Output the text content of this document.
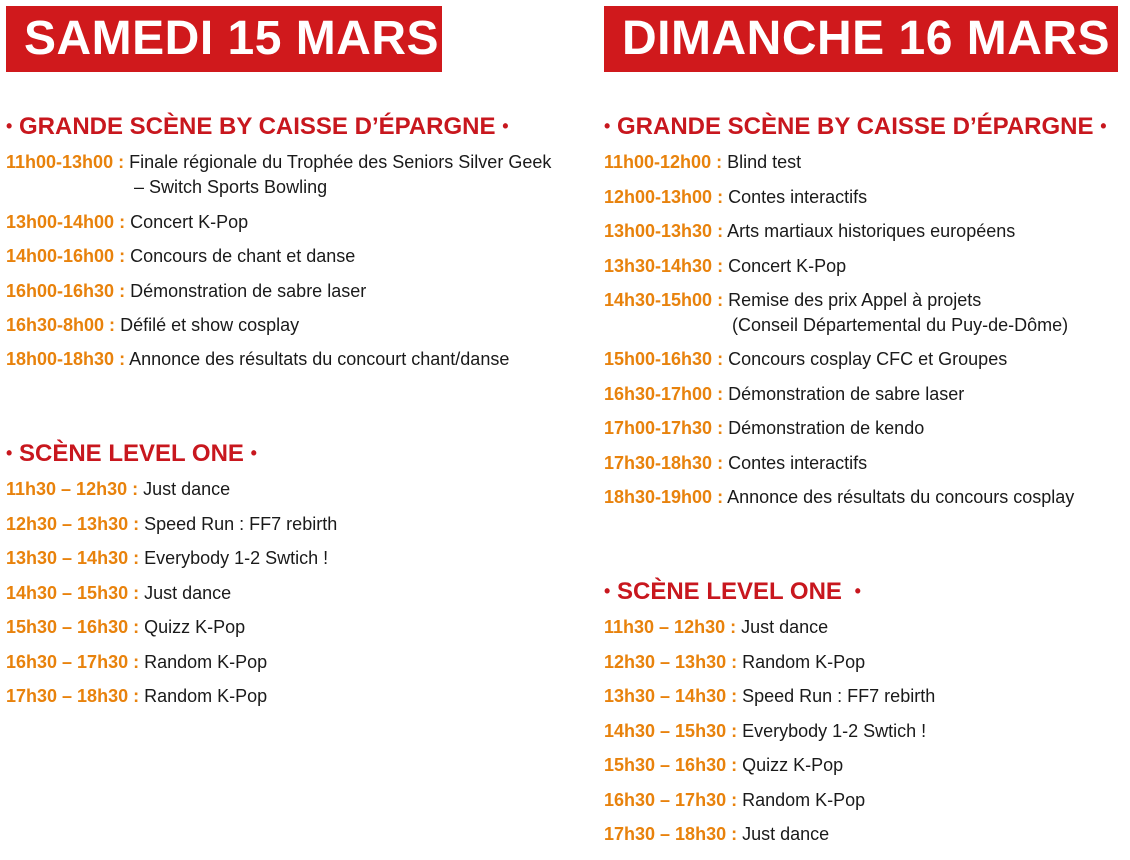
SAMEDI 15 MARS
• GRANDE SCÈNE BY CAISSE D’ÉPARGNE •
11h00-13h00 : Finale régionale du Trophée des Seniors Silver Geek
– Switch Sports Bowling
13h00-14h00 : Concert K-Pop
14h00-16h00 : Concours de chant et danse
16h00-16h30 : Démonstration de sabre laser
16h30-8h00 : Défilé et show cosplay
18h00-18h30 : Annonce des résultats du concourt chant/danse
• SCÈNE LEVEL ONE •
11h30 – 12h30 : Just dance
12h30 – 13h30 : Speed Run : FF7 rebirth
13h30 – 14h30 : Everybody 1-2 Swtich !
14h30 – 15h30 : Just dance
15h30 – 16h30 : Quizz K-Pop
16h30 – 17h30 : Random K-Pop
17h30 – 18h30 : Random K-Pop
DIMANCHE 16 MARS
• GRANDE SCÈNE BY CAISSE D’ÉPARGNE •
11h00-12h00 : Blind test
12h00-13h00 : Contes interactifs
13h00-13h30 : Arts martiaux historiques européens
13h30-14h30 : Concert K-Pop
14h30-15h00 : Remise des prix Appel à projets
(Conseil Départemental du Puy-de-Dôme)
15h00-16h30 : Concours cosplay CFC et Groupes
16h30-17h00 : Démonstration de sabre laser
17h00-17h30 : Démonstration de kendo
17h30-18h30 : Contes interactifs
18h30-19h00 : Annonce des résultats du concours cosplay
• SCÈNE LEVEL ONE •
11h30 – 12h30 : Just dance
12h30 – 13h30 : Random K-Pop
13h30 – 14h30 : Speed Run : FF7 rebirth
14h30 – 15h30 : Everybody 1-2 Swtich !
15h30 – 16h30 : Quizz K-Pop
16h30 – 17h30 : Random K-Pop
17h30 – 18h30 : Just dance
